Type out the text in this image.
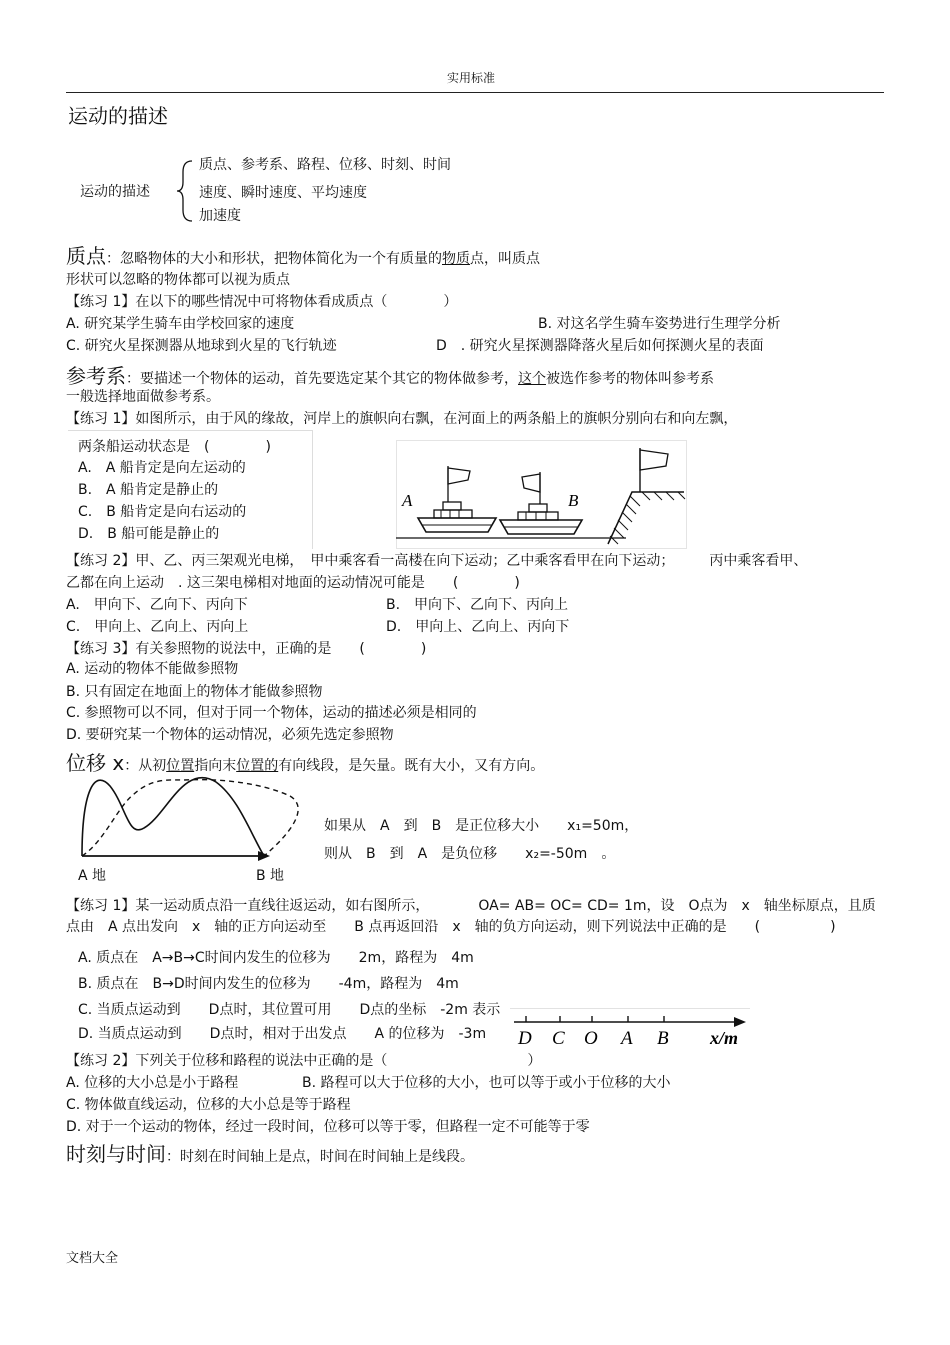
实用标准
运动的描述
运动的描述
质点、参考系、路程、位移、时刻、时间
速度、瞬时速度、平均速度
加速度
质点：忽略物体的大小和形状，把物体简化为一个有质量的物质点，叫质点
形状可以忽略的物体都可以视为质点
【练习 1】在以下的哪些情况中可将物体看成质点（　　　　）
A. 研究某学生骑车由学校回家的速度	B. 对这名学生骑车姿势进行生理学分析
C. 研究火星探测器从地球到火星的飞行轨迹	D　. 研究火星探测器降落火星后如何探测火星的表面
参考系：要描述一个物体的运动，首先要选定某个其它的物体做参考，这个被选作参考的物体叫参考系
一般选择地面做参考系。
【练习 1】如图所示，由于风的缘故，河岸上的旗帜向右飘，在河面上的两条船上的旗帜分别向右和向左飘，
两条船运动状态是　(　　　　)
A.　A 船肯定是向左运动的
B.　A 船肯定是静止的
C.　B 船肯定是向右运动的
D.　B 船可能是静止的
A	B
【练习 2】甲、乙、丙三架观光电梯，　甲中乘客看一高楼在向下运动；乙中乘客看甲在向下运动；　　　丙中乘客看甲、
乙都在向上运动　. 这三架电梯相对地面的运动情况可能是　　(　　　　)
A.　甲向下、乙向下、丙向下	B.　甲向下、乙向下、丙向上
C.　甲向上、乙向上、丙向上	D.　甲向上、乙向上、丙向下
【练习 3】有关参照物的说法中，正确的是　　(　　　　)
A. 运动的物体不能做参照物
B. 只有固定在地面上的物体才能做参照物
C. 参照物可以不同，但对于同一个物体，运动的描述必须是相同的
D. 要研究某一个物体的运动情况，必须先选定参照物
位移 x：从初位置指向末位置的有向线段，是矢量。既有大小，又有方向。
A 地	B 地
如果从　A　到　B　是正位移大小　　x₁=50m，
则从　B　到　A　是负位移　　x₂=-50m　。
【练习 1】某一运动质点沿一直线往返运动，如右图所示，　　　　OA= AB= OC= CD= 1m，设　O点为　x　轴坐标原点，且质
点由　A 点出发向　x　轴的正方向运动至　　B 点再返回沿　x　轴的负方向运动，则下列说法中正确的是　　(　　　　　)
A. 质点在　A→B→C时间内发生的位移为　　2m，路程为　4m
B. 质点在　B→D时间内发生的位移为　　-4m，路程为　4m
C. 当质点运动到　　D点时，其位置可用　　D点的坐标　-2m 表示
D. 当质点运动到　　D点时，相对于出发点　　A 的位移为　-3m D C O A B x/m
【练习 2】下列关于位移和路程的说法中正确的是（　　　　　　　　　　）
A. 位移的大小总是小于路程	B. 路程可以大于位移的大小，也可以等于或小于位移的大小
C. 物体做直线运动，位移的大小总是等于路程
D. 对于一个运动的物体，经过一段时间，位移可以等于零，但路程一定不可能等于零
时刻与时间：时刻在时间轴上是点，时间在时间轴上是线段。
文档大全
